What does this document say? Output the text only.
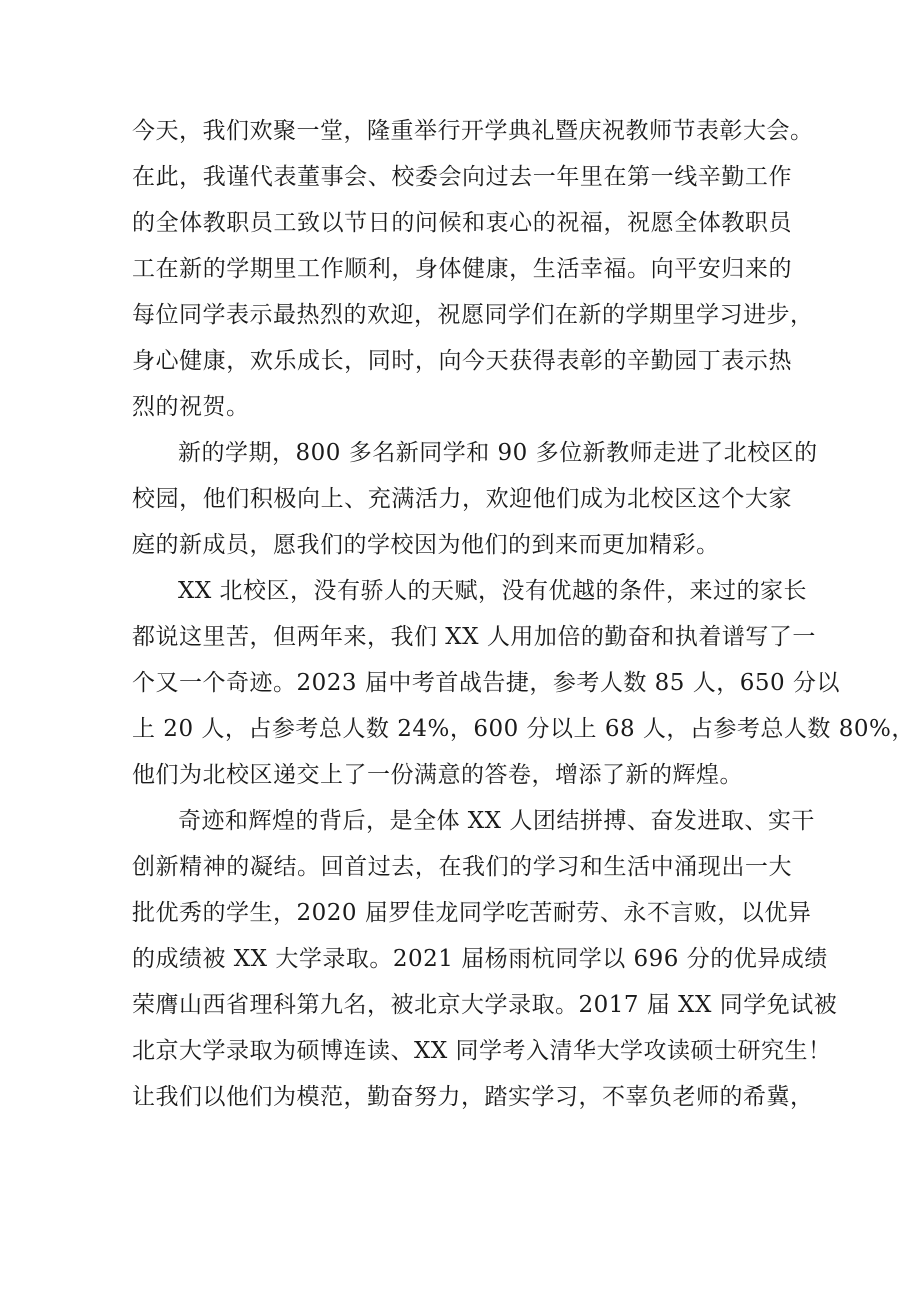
今天，我们欢聚一堂，隆重举行开学典礼暨庆祝教师节表彰大会。
在此，我谨代表董事会、校委会向过去一年里在第一线辛勤工作
的全体教职员工致以节日的问候和衷心的祝福，祝愿全体教职员
工在新的学期里工作顺利，身体健康，生活幸福。向平安归来的
每位同学表示最热烈的欢迎，祝愿同学们在新的学期里学习进步，
身心健康，欢乐成长，同时，向今天获得表彰的辛勤园丁表示热
烈的祝贺。
新的学期，800 多名新同学和 90 多位新教师走进了北校区的
校园，他们积极向上、充满活力，欢迎他们成为北校区这个大家
庭的新成员，愿我们的学校因为他们的到来而更加精彩。
XX 北校区，没有骄人的天赋，没有优越的条件，来过的家长
都说这里苦，但两年来，我们 XX 人用加倍的勤奋和执着谱写了一
个又一个奇迹。2023 届中考首战告捷，参考人数 85 人，650 分以
上 20 人，占参考总人数 24%，600 分以上 68 人，占参考总人数 80%，
他们为北校区递交上了一份满意的答卷，增添了新的辉煌。
奇迹和辉煌的背后，是全体 XX 人团结拼搏、奋发进取、实干
创新精神的凝结。回首过去，在我们的学习和生活中涌现出一大
批优秀的学生，2020 届罗佳龙同学吃苦耐劳、永不言败，以优异
的成绩被 XX 大学录取。2021 届杨雨杭同学以 696 分的优异成绩
荣膺山西省理科第九名，被北京大学录取。2017 届 XX 同学免试被
北京大学录取为硕博连读、XX 同学考入清华大学攻读硕士研究生！
让我们以他们为模范，勤奋努力，踏实学习，不辜负老师的希冀，
